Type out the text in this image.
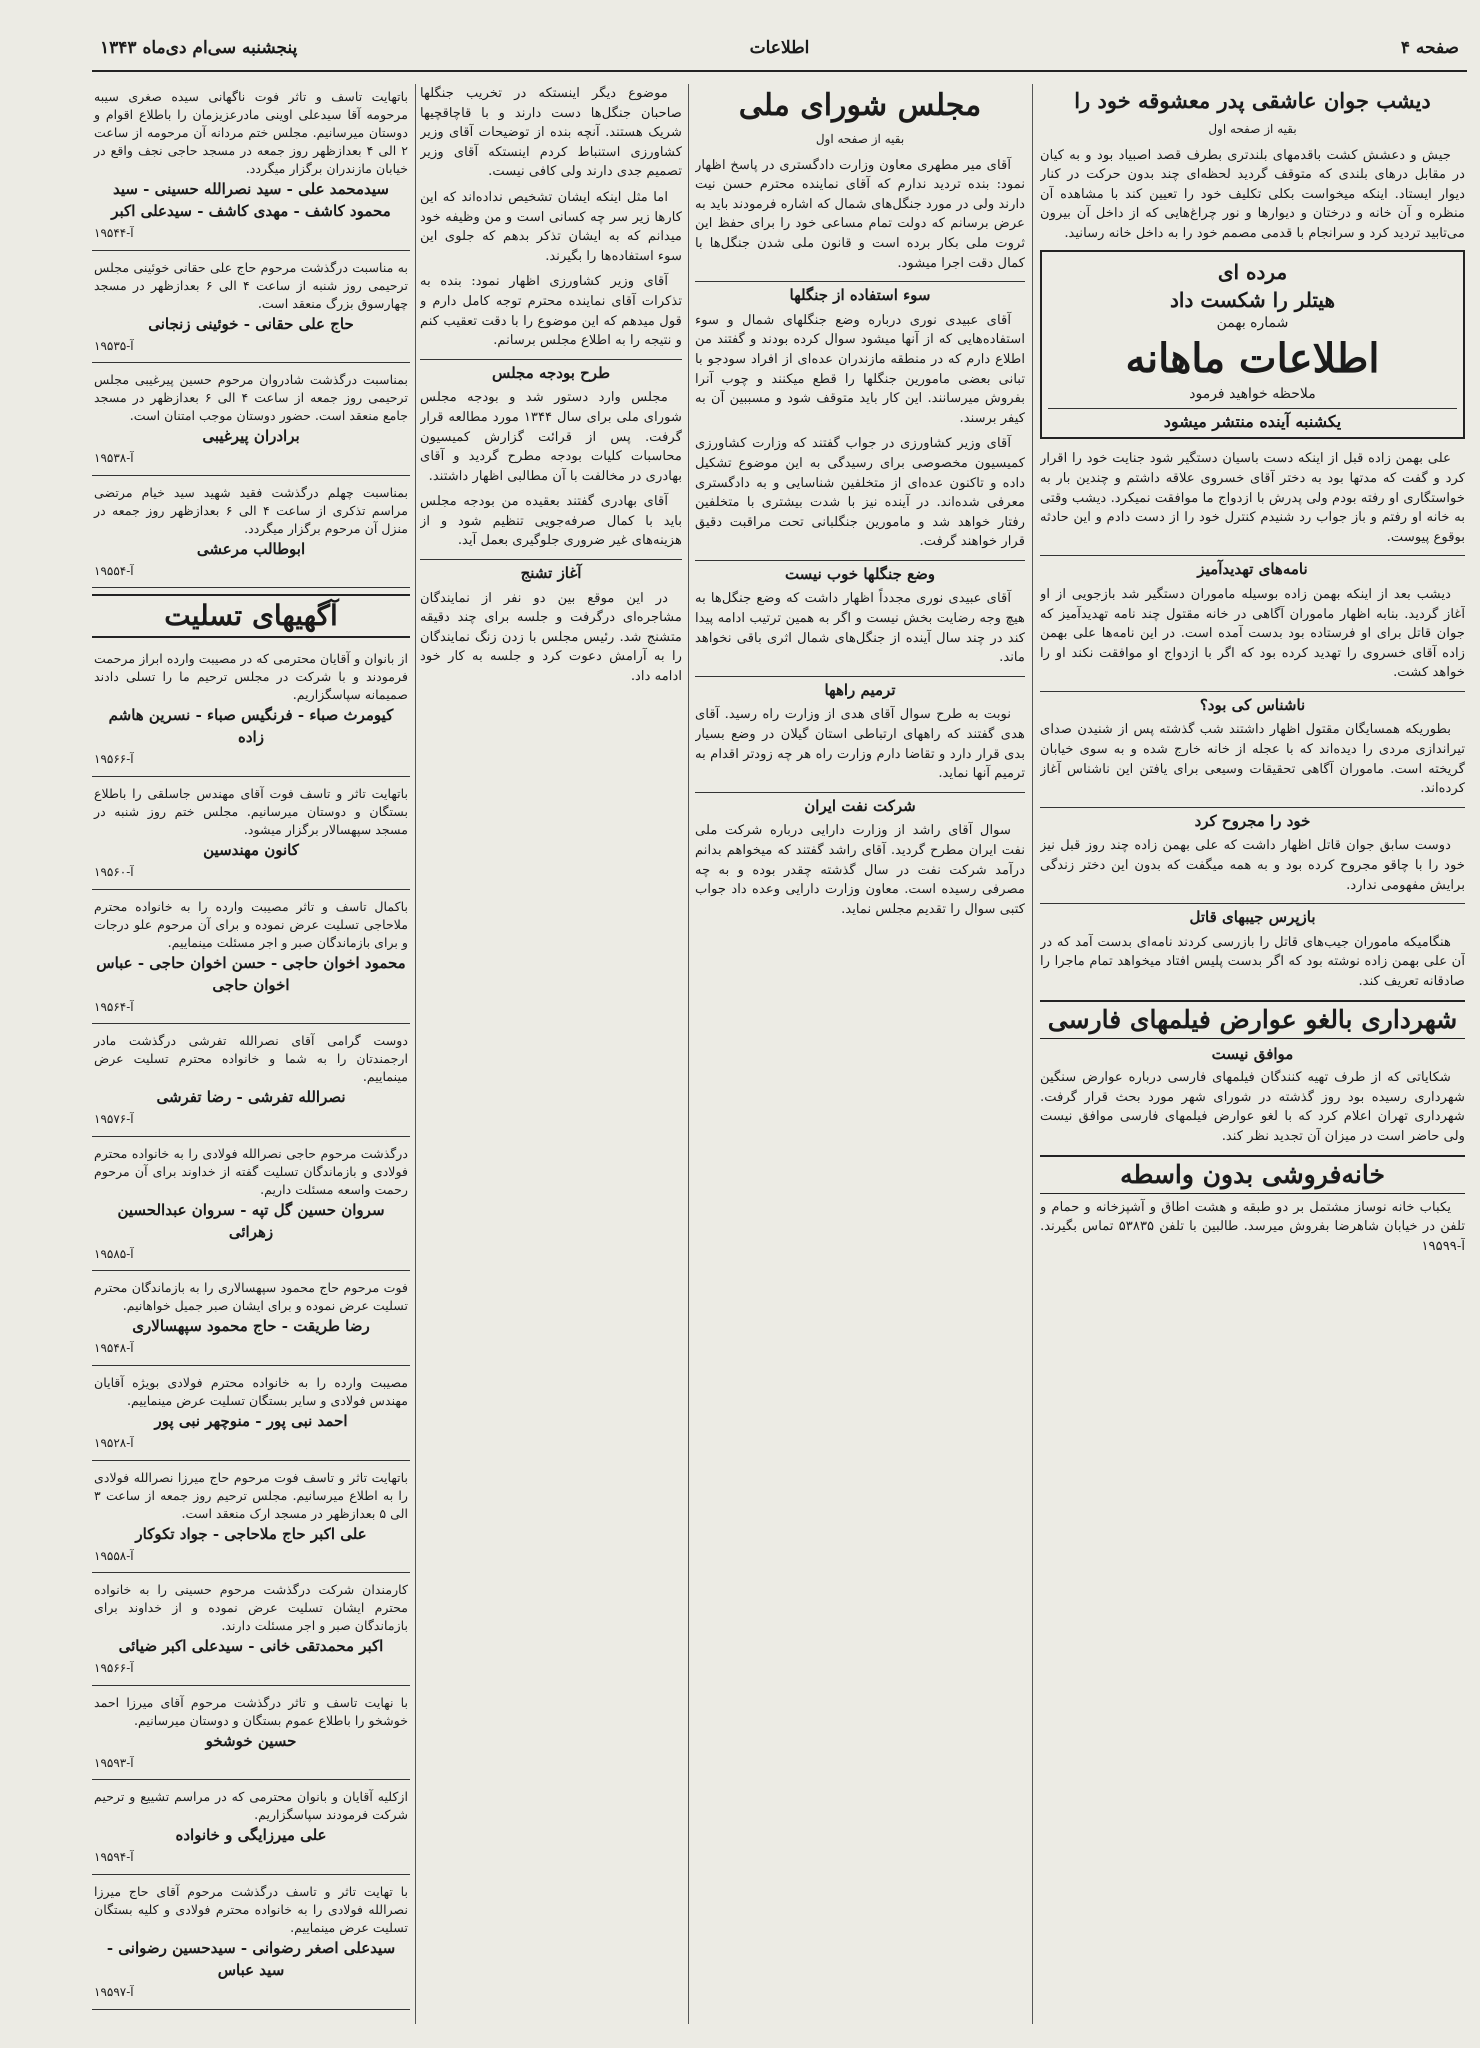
صفحه ۴
اطلاعات
پنجشنبه سی‌ام دی‌ماه ۱۳۴۳
دیشب جوان عاشقی پدر معشوقه خود را
بقیه از صفحه اول

جیش و دعشش کشت باقدمهای بلندتری بطرف قصد اصبیاد بود و به کیان در مقابل درهای بلندی که متوقف گردید لحظه‌ای چند بدون حرکت در کنار دیوار ایستاد. اینکه میخواست بکلی تکلیف خود را تعیین کند با مشاهده آن منظره و آن خانه و درختان و دیوارها و نور چراغ‌هایی که از داخل آن بیرون می‌تابید تردید کرد و سرانجام با قدمی مصمم خود را به داخل خانه رسانید.

مرده ای
هیتلر را شکست داد
شماره بهمن
اطلاعات ماهانه
ملاحظه خواهید فرمود
یکشنبه آینده منتشر میشود

علی بهمن زاده قبل از اینکه دست باسیان دستگیر شود جنایت خود را اقرار کرد و گفت که مدتها بود به دختر آقای خسروی علاقه داشتم و چندین بار به خواستگاری او رفته بودم ولی پدرش با ازدواج ما موافقت نمیکرد. دیشب وقتی به خانه او رفتم و باز جواب رد شنیدم کنترل خود را از دست دادم و این حادثه بوقوع پیوست.

نامه‌های تهدیدآمیز

دیشب بعد از اینکه بهمن زاده بوسیله ماموران دستگیر شد بازجویی از او آغاز گردید. بنابه اظهار ماموران آگاهی در خانه مقتول چند نامه تهدیدآمیز که جوان قاتل برای او فرستاده بود بدست آمده است. در این نامه‌ها علی بهمن زاده آقای خسروی را تهدید کرده بود که اگر با ازدواج او موافقت نکند او را خواهد کشت.

ناشناس کی بود؟

بطوریکه همسایگان مقتول اظهار داشتند شب گذشته پس از شنیدن صدای تیراندازی مردی را دیده‌اند که با عجله از خانه خارج شده و به سوی خیابان گریخته است. ماموران آگاهی تحقیقات وسیعی برای یافتن این ناشناس آغاز کرده‌اند.

خود را مجروح کرد

دوست سابق جوان قاتل اظهار داشت که علی بهمن زاده چند روز قبل نیز خود را با چاقو مجروح کرده بود و به همه میگفت که بدون این دختر زندگی برایش مفهومی ندارد.

بازپرس جیبهای قاتل

هنگامیکه ماموران جیب‌های قاتل را بازرسی کردند نامه‌ای بدست آمد که در آن علی بهمن زاده نوشته بود که اگر بدست پلیس افتاد میخواهد تمام ماجرا را صادقانه تعریف کند.

شهرداری بالغو عوارض فیلمهای فارسی
موافق نیست

شکایاتی که از طرف تهیه کنندگان فیلمهای فارسی درباره عوارض سنگین شهرداری رسیده بود روز گذشته در شورای شهر مورد بحث قرار گرفت. شهرداری تهران اعلام کرد که با لغو عوارض فیلمهای فارسی موافق نیست ولی حاضر است در میزان آن تجدید نظر کند.

خانه‌فروشی بدون واسطه

یکباب خانه نوساز مشتمل بر دو طبقه و هشت اطاق و آشپزخانه و حمام و تلفن در خیابان شاهرضا بفروش میرسد. طالبین با تلفن ۵۳۸۳۵ تماس بگیرند. آ-۱۹۵۹۹

مجلس شورای ملی
بقیه از صفحه اول

آقای میر مطهری معاون وزارت دادگستری در پاسخ اظهار نمود: بنده تردید ندارم که آقای نماینده محترم حسن نیت دارند ولی در مورد جنگل‌های شمال که اشاره فرمودند باید به عرض برسانم که دولت تمام مساعی خود را برای حفظ این ثروت ملی بکار برده است و قانون ملی شدن جنگل‌ها با کمال دقت اجرا میشود.

سوء استفاده از جنگلها

آقای عبیدی نوری درباره وضع جنگلهای شمال و سوء استفاده‌هایی که از آنها میشود سوال کرده بودند و گفتند من اطلاع دارم که در منطقه مازندران عده‌ای از افراد سودجو با تبانی بعضی مامورین جنگلها را قطع میکنند و چوب آنرا بفروش میرسانند. این کار باید متوقف شود و مسببین آن به کیفر برسند.

آقای وزیر کشاورزی در جواب گفتند که وزارت کشاورزی کمیسیون مخصوصی برای رسیدگی به این موضوع تشکیل داده و تاکنون عده‌ای از متخلفین شناسایی و به دادگستری معرفی شده‌اند. در آینده نیز با شدت بیشتری با متخلفین رفتار خواهد شد و مامورین جنگلبانی تحت مراقبت دقیق قرار خواهند گرفت.

وضع جنگلها خوب نیست

آقای عبیدی نوری مجدداً اظهار داشت که وضع جنگل‌ها به هیچ وجه رضایت بخش نیست و اگر به همین ترتیب ادامه پیدا کند در چند سال آینده از جنگل‌های شمال اثری باقی نخواهد ماند.

ترمیم راهها

نوبت به طرح سوال آقای هدی از وزارت راه رسید. آقای هدی گفتند که راههای ارتباطی استان گیلان در وضع بسیار بدی قرار دارد و تقاضا دارم وزارت راه هر چه زودتر اقدام به ترمیم آنها نماید.

شرکت نفت ایران

سوال آقای راشد از وزارت دارایی درباره شرکت ملی نفت ایران مطرح گردید. آقای راشد گفتند که میخواهم بدانم درآمد شرکت نفت در سال گذشته چقدر بوده و به چه مصرفی رسیده است. معاون وزارت دارایی وعده داد جواب کتبی سوال را تقدیم مجلس نماید.

موضوع دیگر اینستکه در تخریب جنگلها صاحبان جنگل‌ها دست دارند و با قاچاقچیها شریک هستند. آنچه بنده از توضیحات آقای وزیر کشاورزی استنباط کردم اینستکه آقای وزیر تصمیم جدی دارند ولی کافی نیست.

اما مثل اینکه ایشان تشخیص نداده‌اند که این کارها زیر سر چه کسانی است و من وظیفه خود میدانم که به ایشان تذکر بدهم که جلوی این سوء استفاده‌ها را بگیرند.

آقای وزیر کشاورزی اظهار نمود: بنده به تذکرات آقای نماینده محترم توجه کامل دارم و قول میدهم که این موضوع را با دقت تعقیب کنم و نتیجه را به اطلاع مجلس برسانم.

طرح بودجه مجلس

مجلس وارد دستور شد و بودجه مجلس شورای ملی برای سال ۱۳۴۴ مورد مطالعه قرار گرفت. پس از قرائت گزارش کمیسیون محاسبات کلیات بودجه مطرح گردید و آقای بهادری در مخالفت با آن مطالبی اظهار داشتند.

آقای بهادری گفتند بعقیده من بودجه مجلس باید با کمال صرفه‌جویی تنظیم شود و از هزینه‌های غیر ضروری جلوگیری بعمل آید.

آغاز تشنج

در این موقع بین دو نفر از نمایندگان مشاجره‌ای درگرفت و جلسه برای چند دقیقه متشنج شد. رئیس مجلس با زدن زنگ نمایندگان را به آرامش دعوت کرد و جلسه به کار خود ادامه داد.

باتهایت تاسف و تاثر فوت ناگهانی سیده صغری سیبه مرحومه آقا سیدعلی اوینی مادرعزیزمان را باطلاع اقوام و دوستان میرسانیم. مجلس ختم مردانه آن مرحومه از ساعت ۲ الی ۴ بعدازظهر روز جمعه در مسجد حاجی نجف واقع در خیابان مازندران برگزار میگردد.
سیدمحمد علی - سید نصرالله حسینی - سید محمود کاشف - مهدی کاشف - سیدعلی اکبر
آ-۱۹۵۴۴
به مناسبت درگذشت مرحوم حاج علی حقانی خوئینی مجلس ترحیمی روز شنبه از ساعت ۴ الی ۶ بعدازظهر در مسجد چهارسوق بزرگ منعقد است.
حاج علی حقانی - خوئینی زنجانی
آ-۱۹۵۳۵
بمناسبت درگذشت شادروان مرحوم حسین پیرغیبی مجلس ترحیمی روز جمعه از ساعت ۴ الی ۶ بعدازظهر در مسجد جامع منعقد است. حضور دوستان موجب امتنان است.
برادران پیرغیبی
آ-۱۹۵۳۸
بمناسبت چهلم درگذشت فقید شهید سید خیام مرتضی مراسم تذکری از ساعت ۴ الی ۶ بعدازظهر روز جمعه در منزل آن مرحوم برگزار میگردد.
ابوطالب مرعشی
آ-۱۹۵۵۴
آگهیهای تسلیت
از بانوان و آقایان محترمی که در مصیبت وارده ابراز مرحمت فرمودند و با شرکت در مجلس ترحیم ما را تسلی دادند صمیمانه سپاسگزاریم.
کیومرث صباء - فرنگیس صباء - نسرین هاشم زاده
آ-۱۹۵۶۶
باتهایت تاثر و تاسف فوت آقای مهندس جاسلقی را باطلاع بستگان و دوستان میرسانیم. مجلس ختم روز شنبه در مسجد سپهسالار برگزار میشود.
کانون مهندسین
آ-۱۹۵۶۰
باکمال تاسف و تاثر مصیبت وارده را به خانواده محترم ملاحاجی تسلیت عرض نموده و برای آن مرحوم علو درجات و برای بازماندگان صبر و اجر مسئلت مینماییم.
محمود اخوان حاجی - حسن اخوان حاجی - عباس اخوان حاجی
آ-۱۹۵۶۴
دوست گرامی آقای نصرالله تفرشی درگذشت مادر ارجمندتان را به شما و خانواده محترم تسلیت عرض مینماییم.
نصرالله تفرشی - رضا تفرشی
آ-۱۹۵۷۶
درگذشت مرحوم حاجی نصرالله فولادی را به خانواده محترم فولادی و بازماندگان تسلیت گفته از خداوند برای آن مرحوم رحمت واسعه مسئلت داریم.
سروان حسین گل تپه - سروان عبدالحسین زهرائی
آ-۱۹۵۸۵
فوت مرحوم حاج محمود سپهسالاری را به بازماندگان محترم تسلیت عرض نموده و برای ایشان صبر جمیل خواهانیم.
رضا طریقت - حاج محمود سپهسالاری
آ-۱۹۵۴۸
مصیبت وارده را به خانواده محترم فولادی بویژه آقایان مهندس فولادی و سایر بستگان تسلیت عرض مینماییم.
احمد نبی پور - منوچهر نبی پور
آ-۱۹۵۲۸
باتهایت تاثر و تاسف فوت مرحوم حاج میرزا نصرالله فولادی را به اطلاع میرسانیم. مجلس ترحیم روز جمعه از ساعت ۳ الی ۵ بعدازظهر در مسجد ارک منعقد است.
علی اکبر حاج ملاحاجی - جواد تکوکار
آ-۱۹۵۵۸
کارمندان شرکت درگذشت مرحوم حسینی را به خانواده محترم ایشان تسلیت عرض نموده و از خداوند برای بازماندگان صبر و اجر مسئلت دارند.
اکبر محمدتقی خانی - سیدعلی اکبر ضیائی
آ-۱۹۵۶۶
با نهایت تاسف و تاثر درگذشت مرحوم آقای میرزا احمد خوشخو را باطلاع عموم بستگان و دوستان میرسانیم.
حسین خوشخو
آ-۱۹۵۹۳
ازکلیه آقایان و بانوان محترمی که در مراسم تشییع و ترحیم شرکت فرمودند سپاسگزاریم.
علی میرزایگی و خانواده
آ-۱۹۵۹۴
با تهایت تاثر و تاسف درگذشت مرحوم آقای حاج میرزا نصرالله فولادی را به خانواده محترم فولادی و کلیه بستگان تسلیت عرض مینماییم.
سیدعلی اصغر رضوانی - سیدحسین رضوانی - سید عباس
آ-۱۹۵۹۷
